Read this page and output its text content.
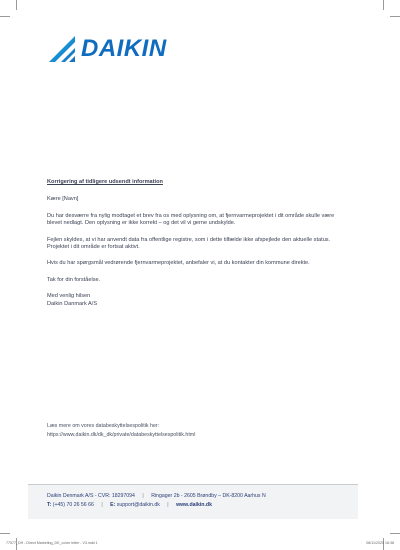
DAIKIN

Korrigering af tidligere udsendt information

Kære [Navn]

Du har desværre fra nylig modtaget et brev fra os med oplysning om, at fjernvarmeprojektet i dit område skulle være blevet nedlagt. Den oplysning er ikke korrekt – og det vil vi gerne undskylde.

Fejlen skyldes, at vi har anvendt data fra offentlige registre, som i dette tilfælde ikke afspejlede den aktuelle status. Projektet i dit område er fortsat aktivt.

Hvis du har spørgsmål vedrørende fjernvarmeprojektet, anbefaler vi, at du kontakter din kommune direkte.

Tak for din forståelse.

Med venlig hilsen

Daikin Danmark A/S

Læs mere om vores databeskyttelsespolitik her:
https://www.daikin.dk/dk_dk/private/databeskyttelsespolitik.html
Daikin Denmark A/S - CVR: 18297094 | Ringager 2b - 2605 Brøndby – DK-8200 Aarhus N
T: (+45) 70 26 56 66 | E: support@daikin.dk | www.daikin.dk
77577_DH - Direct Marketing_DK_cover letter - V3.indd 1	08/11/2025 16:38
